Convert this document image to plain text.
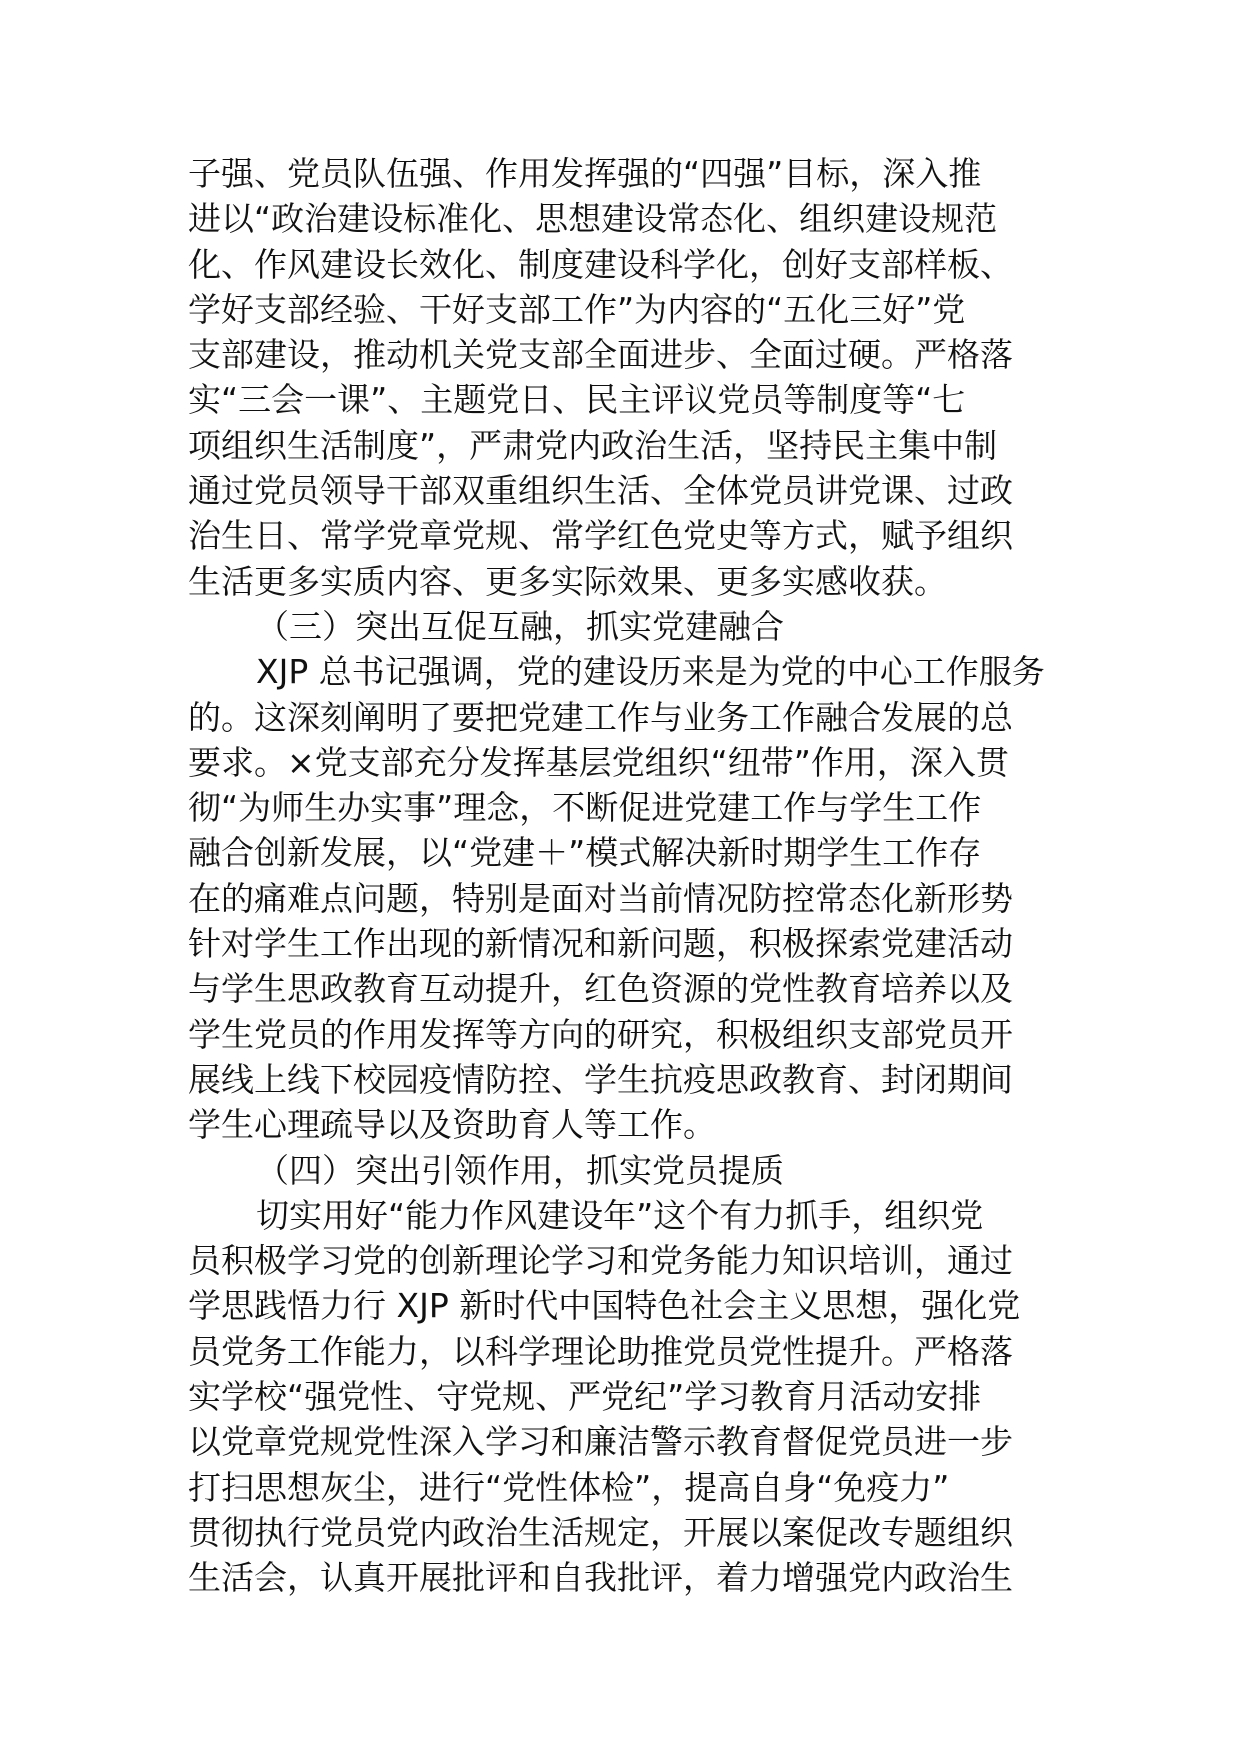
子强、党员队伍强、作用发挥强的“四强”目标，深入推
进以“政治建设标准化、思想建设常态化、组织建设规范
化、作风建设长效化、制度建设科学化，创好支部样板、
学好支部经验、干好支部工作”为内容的“五化三好”党
支部建设，推动机关党支部全面进步、全面过硬。严格落
实“三会一课”、主题党日、民主评议党员等制度等“七
项组织生活制度”，严肃党内政治生活，坚持民主集中制
通过党员领导干部双重组织生活、全体党员讲党课、过政
治生日、常学党章党规、常学红色党史等方式，赋予组织
生活更多实质内容、更多实际效果、更多实感收获。
（三）突出互促互融，抓实党建融合
XJP 总书记强调，党的建设历来是为党的中心工作服务
的。这深刻阐明了要把党建工作与业务工作融合发展的总
要求。×党支部充分发挥基层党组织“纽带”作用，深入贯
彻“为师生办实事”理念，不断促进党建工作与学生工作
融合创新发展，以“党建＋”模式解决新时期学生工作存
在的痛难点问题，特别是面对当前情况防控常态化新形势
针对学生工作出现的新情况和新问题，积极探索党建活动
与学生思政教育互动提升，红色资源的党性教育培养以及
学生党员的作用发挥等方向的研究，积极组织支部党员开
展线上线下校园疫情防控、学生抗疫思政教育、封闭期间
学生心理疏导以及资助育人等工作。
（四）突出引领作用，抓实党员提质
切实用好“能力作风建设年”这个有力抓手，组织党
员积极学习党的创新理论学习和党务能力知识培训，通过
学思践悟力行 XJP 新时代中国特色社会主义思想，强化党
员党务工作能力，以科学理论助推党员党性提升。严格落
实学校“强党性、守党规、严党纪”学习教育月活动安排
以党章党规党性深入学习和廉洁警示教育督促党员进一步
打扫思想灰尘，进行“党性体检”，提高自身“免疫力”
贯彻执行党员党内政治生活规定，开展以案促改专题组织
生活会，认真开展批评和自我批评，着力增强党内政治生
